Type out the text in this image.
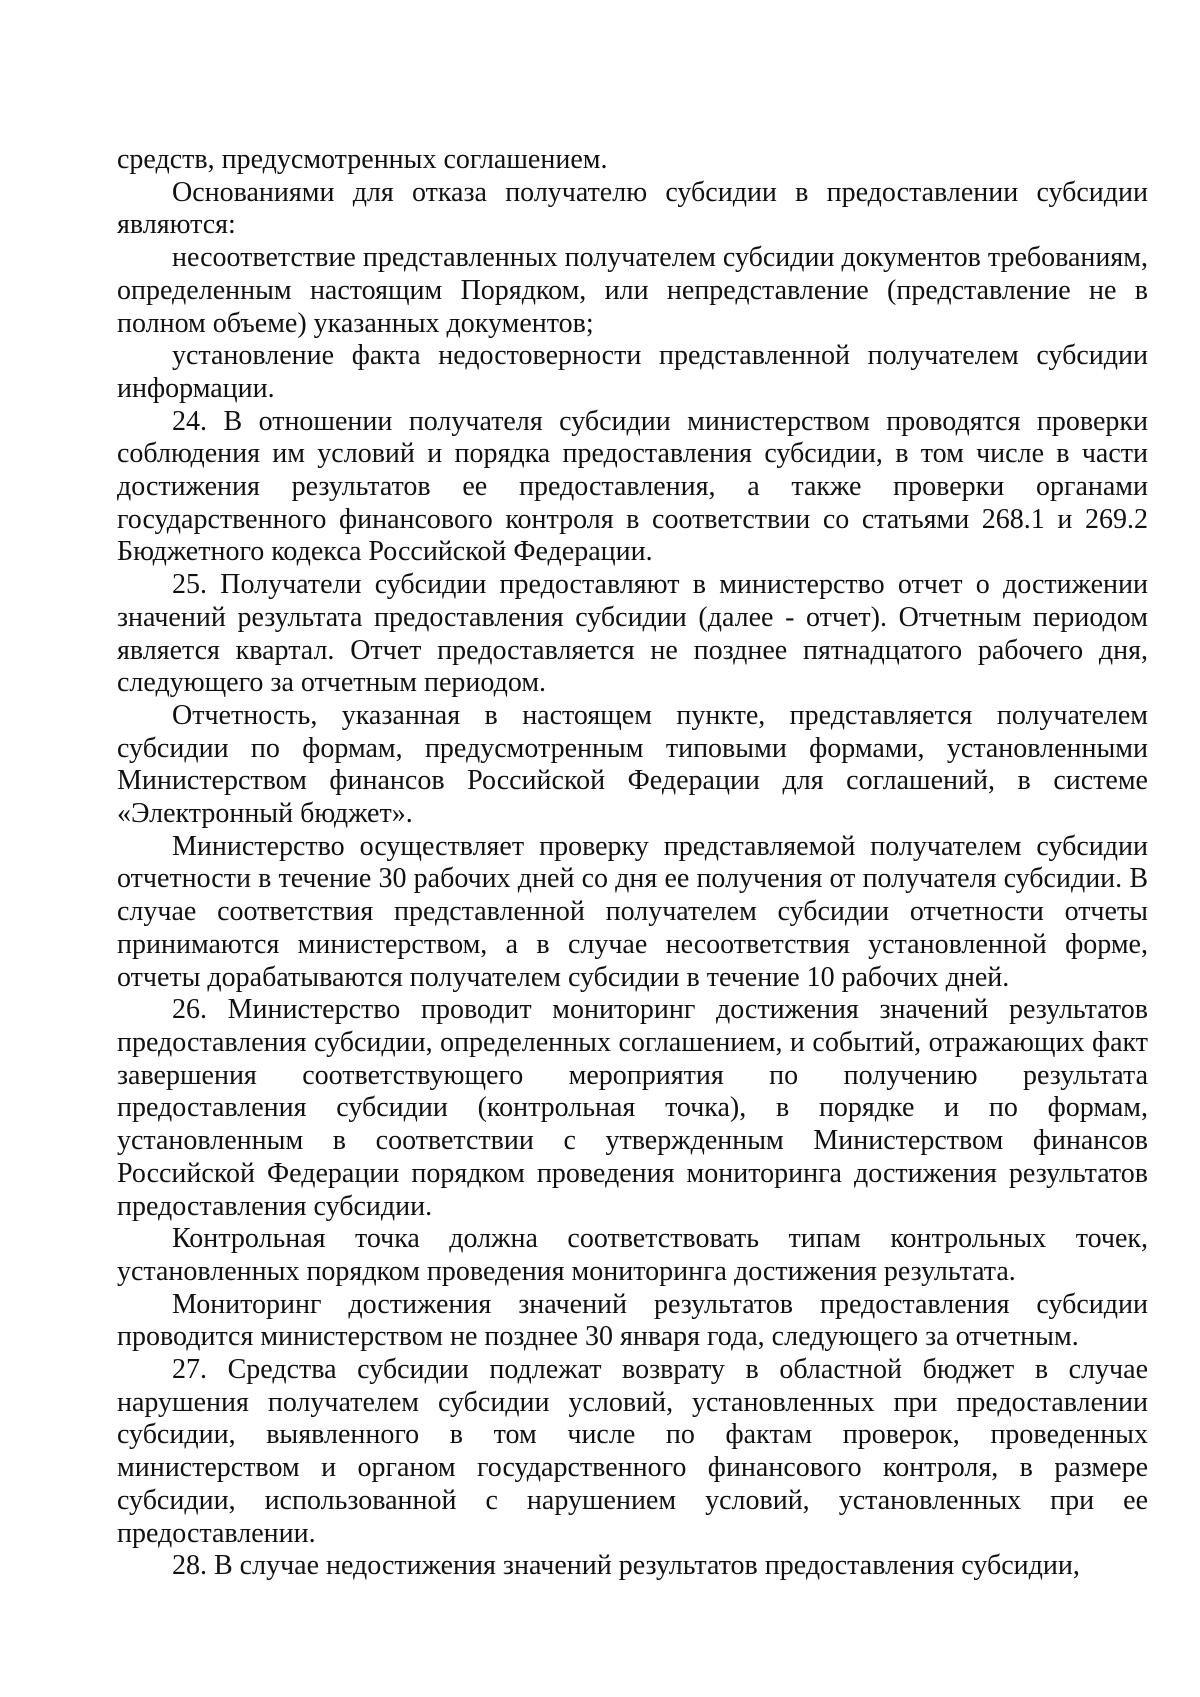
средств, предусмотренных соглашением.

Основаниями для отказа получателю субсидии в предоставлении субсидии являются:

несоответствие представленных получателем субсидии документов требованиям, определенным настоящим Порядком, или непредставление (представление не в полном объеме) указанных документов;

установление факта недостоверности представленной получателем субсидии информации.

24. В отношении получателя субсидии министерством проводятся проверки соблюдения им условий и порядка предоставления субсидии, в том числе в части достижения результатов ее предоставления, а также проверки органами государственного финансового контроля в соответствии со статьями 268.1 и 269.2 Бюджетного кодекса Российской Федерации.

25. Получатели субсидии предоставляют в министерство отчет о достижении значений результата предоставления субсидии (далее - отчет). Отчетным периодом является квартал. Отчет предоставляется не позднее пятнадцатого рабочего дня, следующего за отчетным периодом.

Отчетность, указанная в настоящем пункте, представляется получателем субсидии по формам, предусмотренным типовыми формами, установленными Министерством финансов Российской Федерации для соглашений, в системе «Электронный бюджет».

Министерство осуществляет проверку представляемой получателем субсидии отчетности в течение 30 рабочих дней со дня ее получения от получателя субсидии. В случае соответствия представленной получателем субсидии отчетности отчеты принимаются министерством, а в случае несоответствия установленной форме, отчеты дорабатываются получателем субсидии в течение 10 рабочих дней.

26. Министерство проводит мониторинг достижения значений результатов предоставления субсидии, определенных соглашением, и событий, отражающих факт завершения соответствующего мероприятия по получению результата предоставления субсидии (контрольная точка), в порядке и по формам, установленным в соответствии с утвержденным Министерством финансов Российской Федерации порядком проведения мониторинга достижения результатов предоставления субсидии.

Контрольная точка должна соответствовать типам контрольных точек, установленных порядком проведения мониторинга достижения результата.

Мониторинг достижения значений результатов предоставления субсидии проводится министерством не позднее 30 января года, следующего за отчетным.

27. Средства субсидии подлежат возврату в областной бюджет в случае нарушения получателем субсидии условий, установленных при предоставлении субсидии, выявленного в том числе по фактам проверок, проведенных министерством и органом государственного финансового контроля, в размере субсидии, использованной с нарушением условий, установленных при ее предоставлении.

28. В случае недостижения значений результатов предоставления субсидии,
